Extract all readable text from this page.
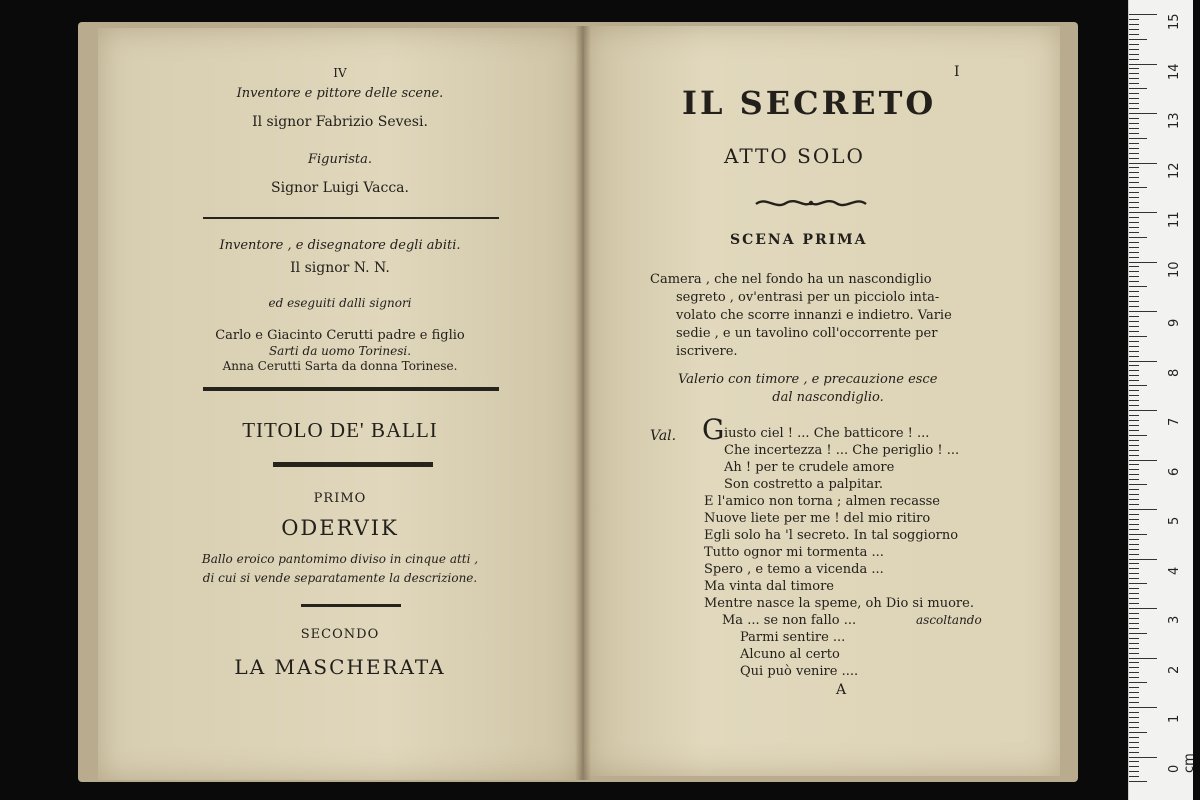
IV
Inventore e pittore delle scene.
Il signor Fabrizio Sevesi.
Figurista.
Signor Luigi Vacca.
Inventore , e disegnatore degli abiti.
Il signor N. N.
ed eseguiti dalli signori
Carlo e Giacinto Cerutti padre e figlio
Sarti da uomo Torinesi.
Anna Cerutti Sarta da donna Torinese.
TITOLO DE' BALLI
PRIMO
ODERVIK
Ballo eroico pantomimo diviso in cinque atti ,
di cui si vende separatamente la descrizione.
SECONDO
LA MASCHERATA
I
IL SECRETO
ATTO SOLO
SCENA PRIMA
Camera , che nel fondo ha un nascondiglio
segreto , ov'entrasi per un picciolo inta-
volato che scorre innanzi e indietro. Varie
sedie , e un tavolino coll'occorrente per
iscrivere.
Valerio con timore , e precauzione esce
dal nascondiglio.
Val. G iusto ciel ! ... Che batticore ! ...
Che incertezza ! ... Che periglio ! ...
Ah ! per te crudele amore
Son costretto a palpitar.
E l'amico non torna ; almen recasse
Nuove liete per me ! del mio ritiro
Egli solo ha 'l secreto. In tal soggiorno
Tutto ognor mi tormenta ...
Spero , e temo a vicenda ...
Ma vinta dal timore
Mentre nasce la speme, oh Dio si muore.
Ma ... se non fallo ...	ascoltando
Parmi sentire ...
Alcuno al certo
Qui può venire ....
A
15
14
13
12
11
10
9
8
7
6
5
4
3
2
1
0 cm
